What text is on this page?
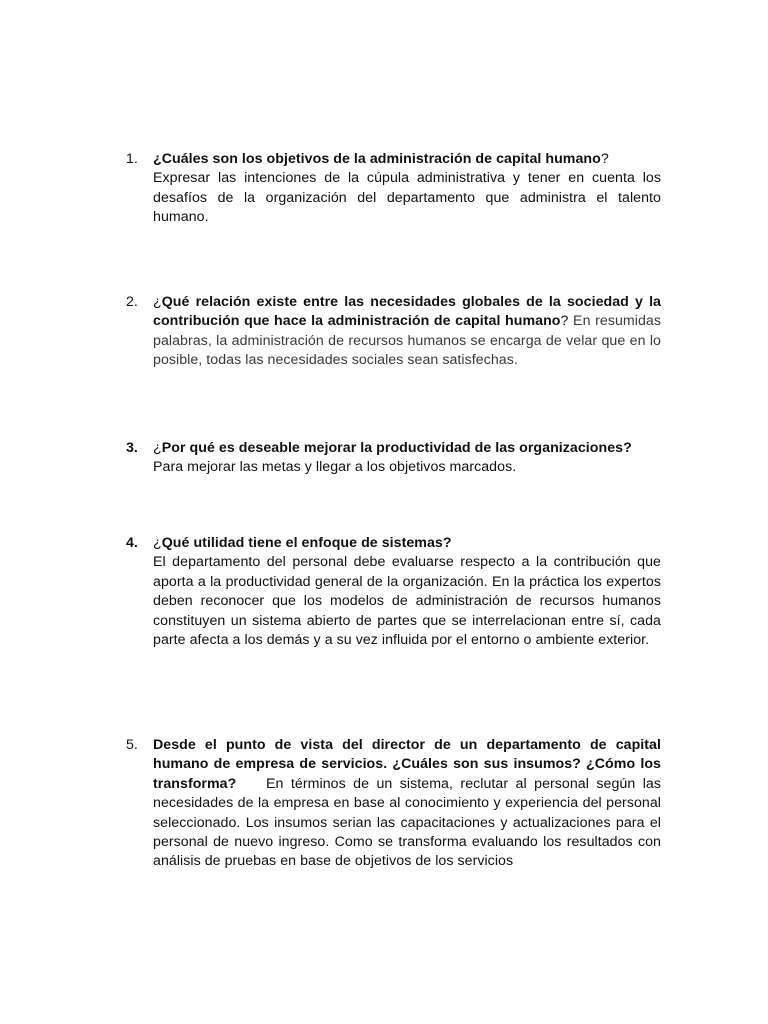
1.	¿Cuáles son los objetivos de la administración de capital humano?
Expresar las intenciones de la cúpula administrativa y tener en cuenta los desafíos de la organización del departamento que administra el talento humano.
2.	¿Qué relación existe entre las necesidades globales de la sociedad y la contribución que hace la administración de capital humano? En resumidas palabras, la administración de recursos humanos se encarga de velar que en lo posible, todas las necesidades sociales sean satisfechas.
3.	¿Por qué es deseable mejorar la productividad de las organizaciones?
Para mejorar las metas y llegar a los objetivos marcados.
4.	¿Qué utilidad tiene el enfoque de sistemas?
El departamento del personal debe evaluarse respecto a la contribución que aporta a la productividad general de la organización. En la práctica los expertos deben reconocer que los modelos de administración de recursos humanos constituyen un sistema abierto de partes que se interrelacionan entre sí, cada parte afecta a los demás y a su vez influida por el entorno o ambiente exterior.
5.	Desde el punto de vista del director de un departamento de capital humano de empresa de servicios. ¿Cuáles son sus insumos? ¿Cómo los transforma?    En términos de un sistema, reclutar al personal según las necesidades de la empresa en base al conocimiento y experiencia del personal seleccionado. Los insumos serian las capacitaciones y actualizaciones para el personal de nuevo ingreso. Como se transforma evaluando los resultados con análisis de pruebas en base de objetivos de los servicios
